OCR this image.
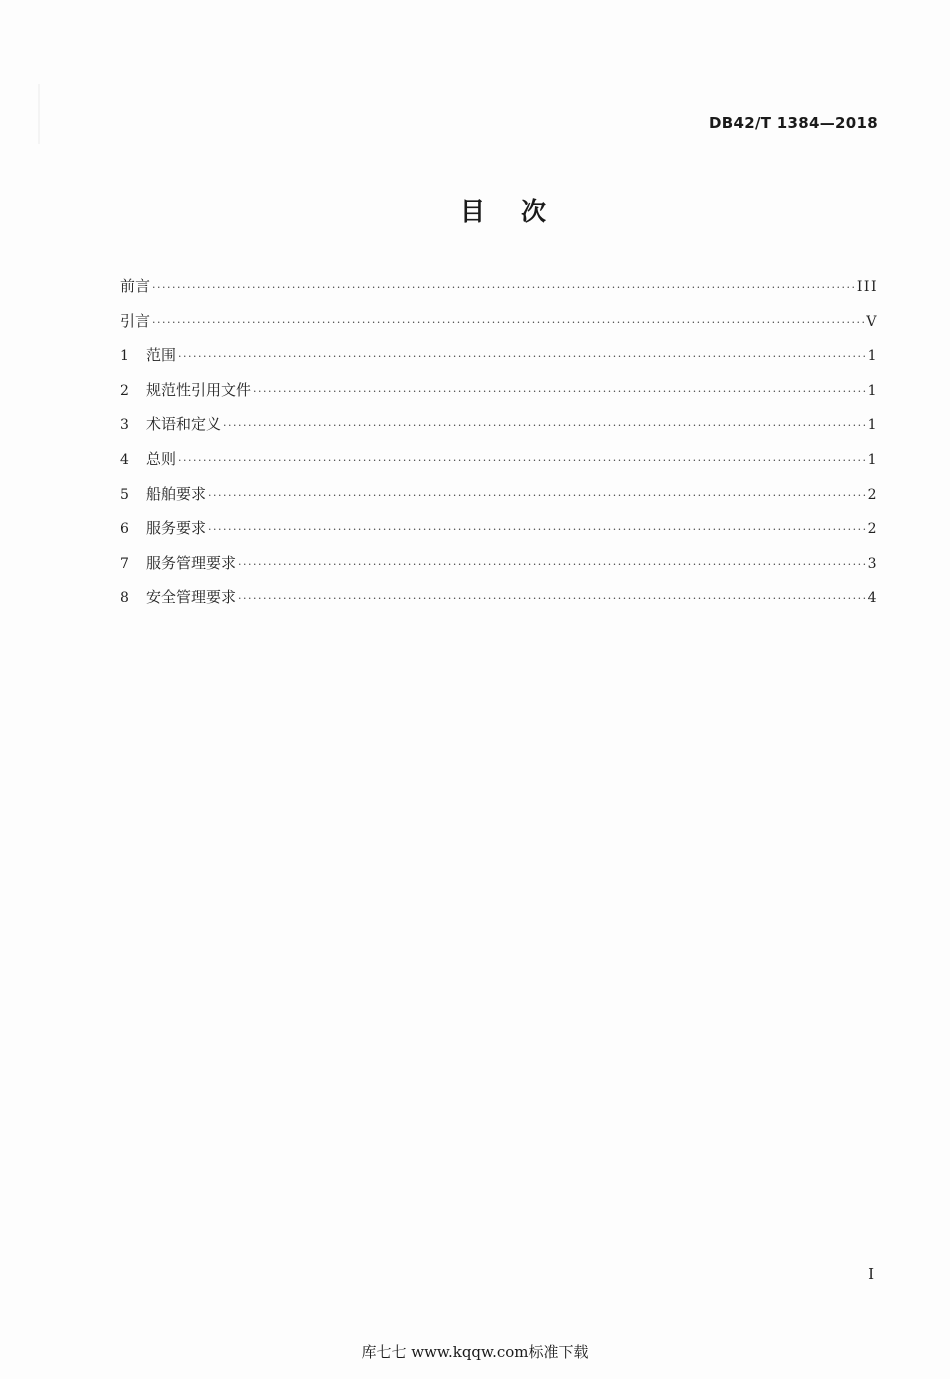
DB42/T 1384—2018
目 次
前言 ·····	III
引言 ·····	V
1	范围 ·····	1
2	规范性引用文件 ·····	1
3	术语和定义 ·····	1
4	总则 ·····	1
5	船舶要求 ·····	2
6	服务要求 ·····	2
7	服务管理要求 ·····	3
8	安全管理要求 ·····	4
I
库七七 www.kqqw.com标准下载
